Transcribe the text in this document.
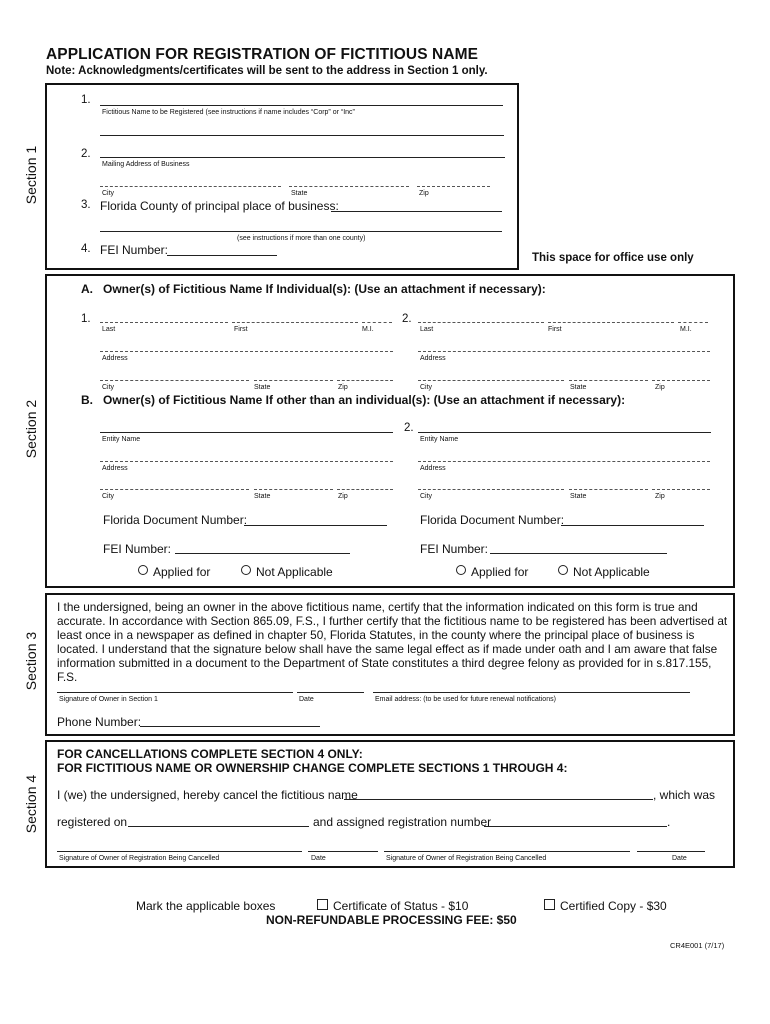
APPLICATION FOR REGISTRATION OF FICTITIOUS NAME
Note: Acknowledgments/certificates will be sent to the address in Section 1 only.
Section 1
1.
Fictitious Name to be Registered (see instructions if name includes “Corp” or “Inc”
2.
Mailing Address of Business
City	State	Zip
3. Florida County of principal place of business:
(see instructions if more than one county)
4. FEI Number:
This space for office use only
Section 2
A. Owner(s) of Fictitious Name If Individual(s): (Use an attachment if necessary):
1.
Last	First	M.I.
2.
Last	First	M.I.
Address	Address
City	State	Zip	City	State	Zip
B. Owner(s) of Fictitious Name If other than an individual(s): (Use an attachment if necessary):
Entity Name
2.
Entity Name
Address	Address
City	State	Zip	City	State	Zip
Florida Document Number:	Florida Document Number:
FEI Number:	FEI Number:
Applied for	Not Applicable	Applied for	Not Applicable
Section 3
I the undersigned, being an owner in the above fictitious name, certify that the information indicated on this form is true and accurate. In accordance with Section 865.09, F.S., I further certify that the fictitious name to be registered has been advertised at least once in a newspaper as defined in chapter 50, Florida Statutes, in the county where the principal place of business is located. I understand that the signature below shall have the same legal effect as if made under oath and I am aware that false information submitted in a document to the Department of State constitutes a third degree felony as provided for in s.817.155, F.S.
Signature of Owner in Section 1	Date	Email address: (to be used for future renewal notifications)
Phone Number:
Section 4
FOR CANCELLATIONS COMPLETE SECTION 4 ONLY:
FOR FICTITIOUS NAME OR OWNERSHIP CHANGE COMPLETE SECTIONS 1 THROUGH 4:
I (we) the undersigned, hereby cancel the fictitious name	, which was
registered on	and assigned registration number	.
Signature of Owner of Registration Being Cancelled	Date	Signature of Owner of Registration Being Cancelled	Date
Mark the applicable boxes	Certificate of Status - $10	Certified Copy - $30
NON-REFUNDABLE PROCESSING FEE: $50
CR4E001 (7/17)
